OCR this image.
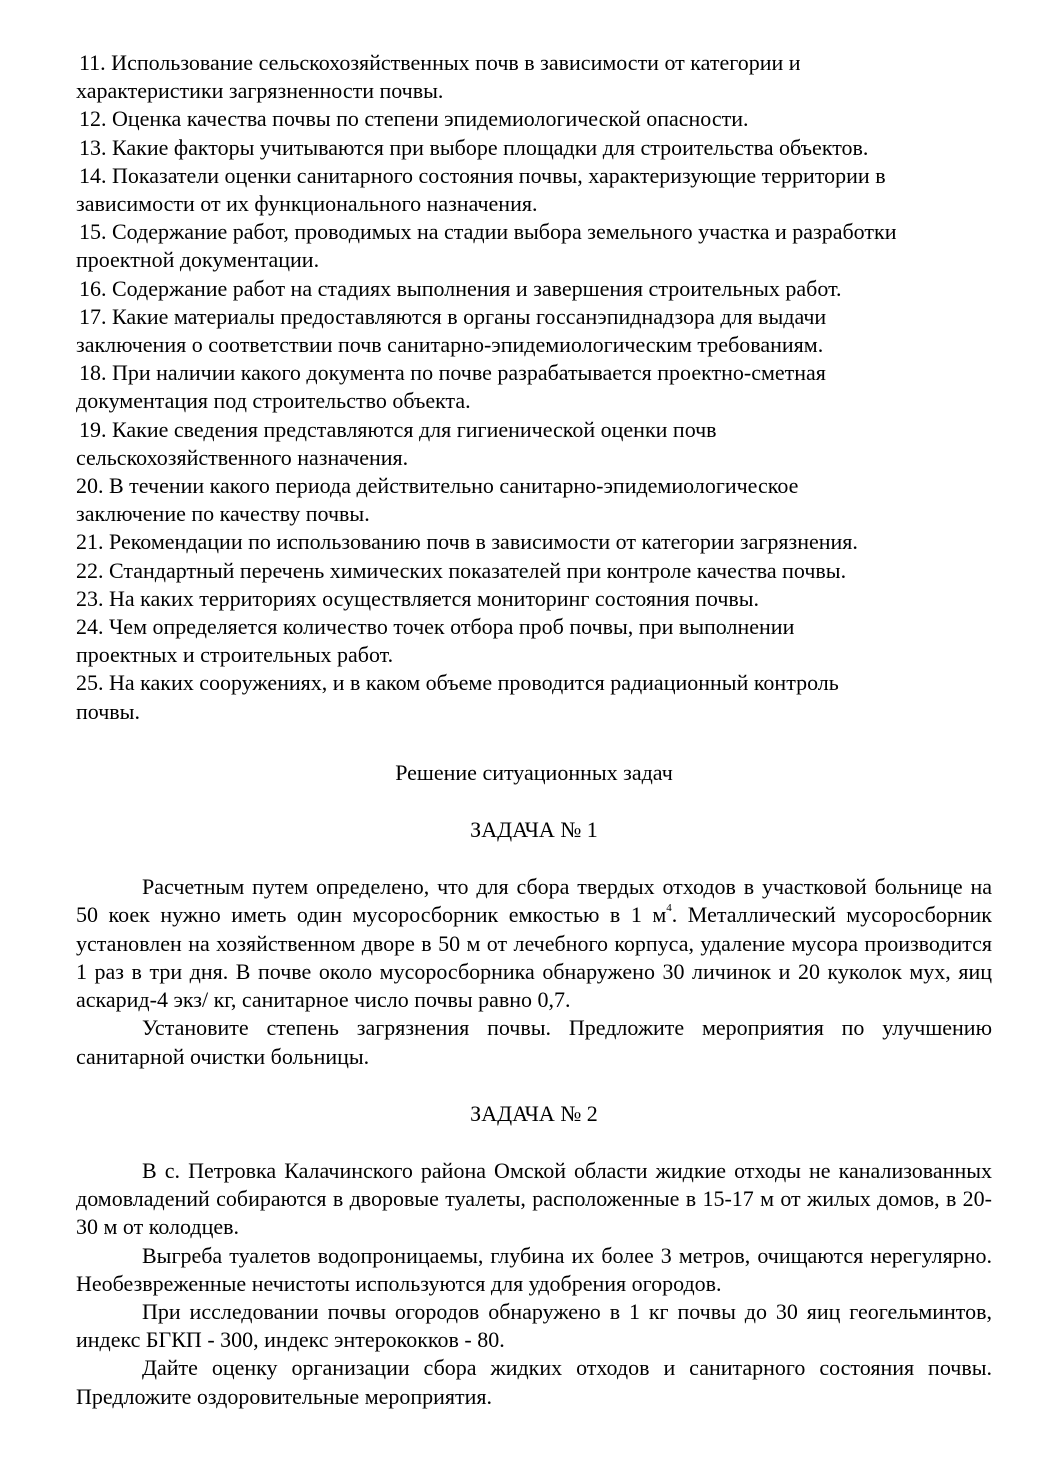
11. Использование сельскохозяйственных почв в зависимости от категории и
характеристики загрязненности почвы.
12. Оценка качества почвы по степени эпидемиологической опасности.
13. Какие факторы учитываются при выборе площадки для строительства объектов.
14. Показатели оценки санитарного состояния почвы, характеризующие территории в
зависимости от их функционального назначения.
15. Содержание работ, проводимых на стадии выбора земельного участка и разработки
проектной документации.
16. Содержание работ на стадиях выполнения и завершения строительных работ.
17. Какие материалы предоставляются в органы госсанэпиднадзора для выдачи
заключения о соответствии почв санитарно-эпидемиологическим требованиям.
18. При наличии какого документа по почве разрабатывается проектно-сметная
документация под строительство объекта.
19. Какие сведения представляются для гигиенической оценки почв
сельскохозяйственного назначения.
20. В течении какого периода действительно санитарно-эпидемиологическое
заключение по качеству почвы.
21. Рекомендации по использованию почв в зависимости от категории загрязнения.
22. Стандартный перечень химических показателей при контроле качества почвы.
23. На каких территориях осуществляется мониторинг состояния почвы.
24. Чем определяется количество точек отбора проб почвы, при выполнении
проектных и строительных работ.
25. На каких сооружениях, и в каком объеме проводится радиационный контроль
почвы.

Решение ситуационных задач

ЗАДАЧА № 1

Расчетным путем определено, что для сбора твердых отходов в участковой больнице на 50 коек нужно иметь один мусоросборник емкостью в 1 $м^4$. Металлический мусоросборник установлен на хозяйственном дворе в 50 м от лечебного корпуса, удаление мусора производится 1 раз в три дня. В почве около мусоросборника обнаружено 30 личинок и 20 куколок мух, яиц аскарид-4 экз/ кг, санитарное число почвы равно 0,7.

Установите степень загрязнения почвы. Предложите мероприятия по улучшению санитарной очистки больницы.

ЗАДАЧА № 2

В с. Петровка Калачинского района Омской области жидкие отходы не канализованных домовладений собираются в дворовые туалеты, расположенные в 15-17 м от жилых домов, в 20-30 м от колодцев.

Выгреба туалетов водопроницаемы, глубина их более 3 метров, очищаются нерегулярно. Необезвреженные нечистоты используются для удобрения огородов.

При исследовании почвы огородов обнаружено в 1 кг почвы до 30 яиц геогельминтов, индекс БГКП - 300, индекс энтерококков - 80.

Дайте оценку организации сбора жидких отходов и санитарного состояния почвы. Предложите оздоровительные мероприятия.
